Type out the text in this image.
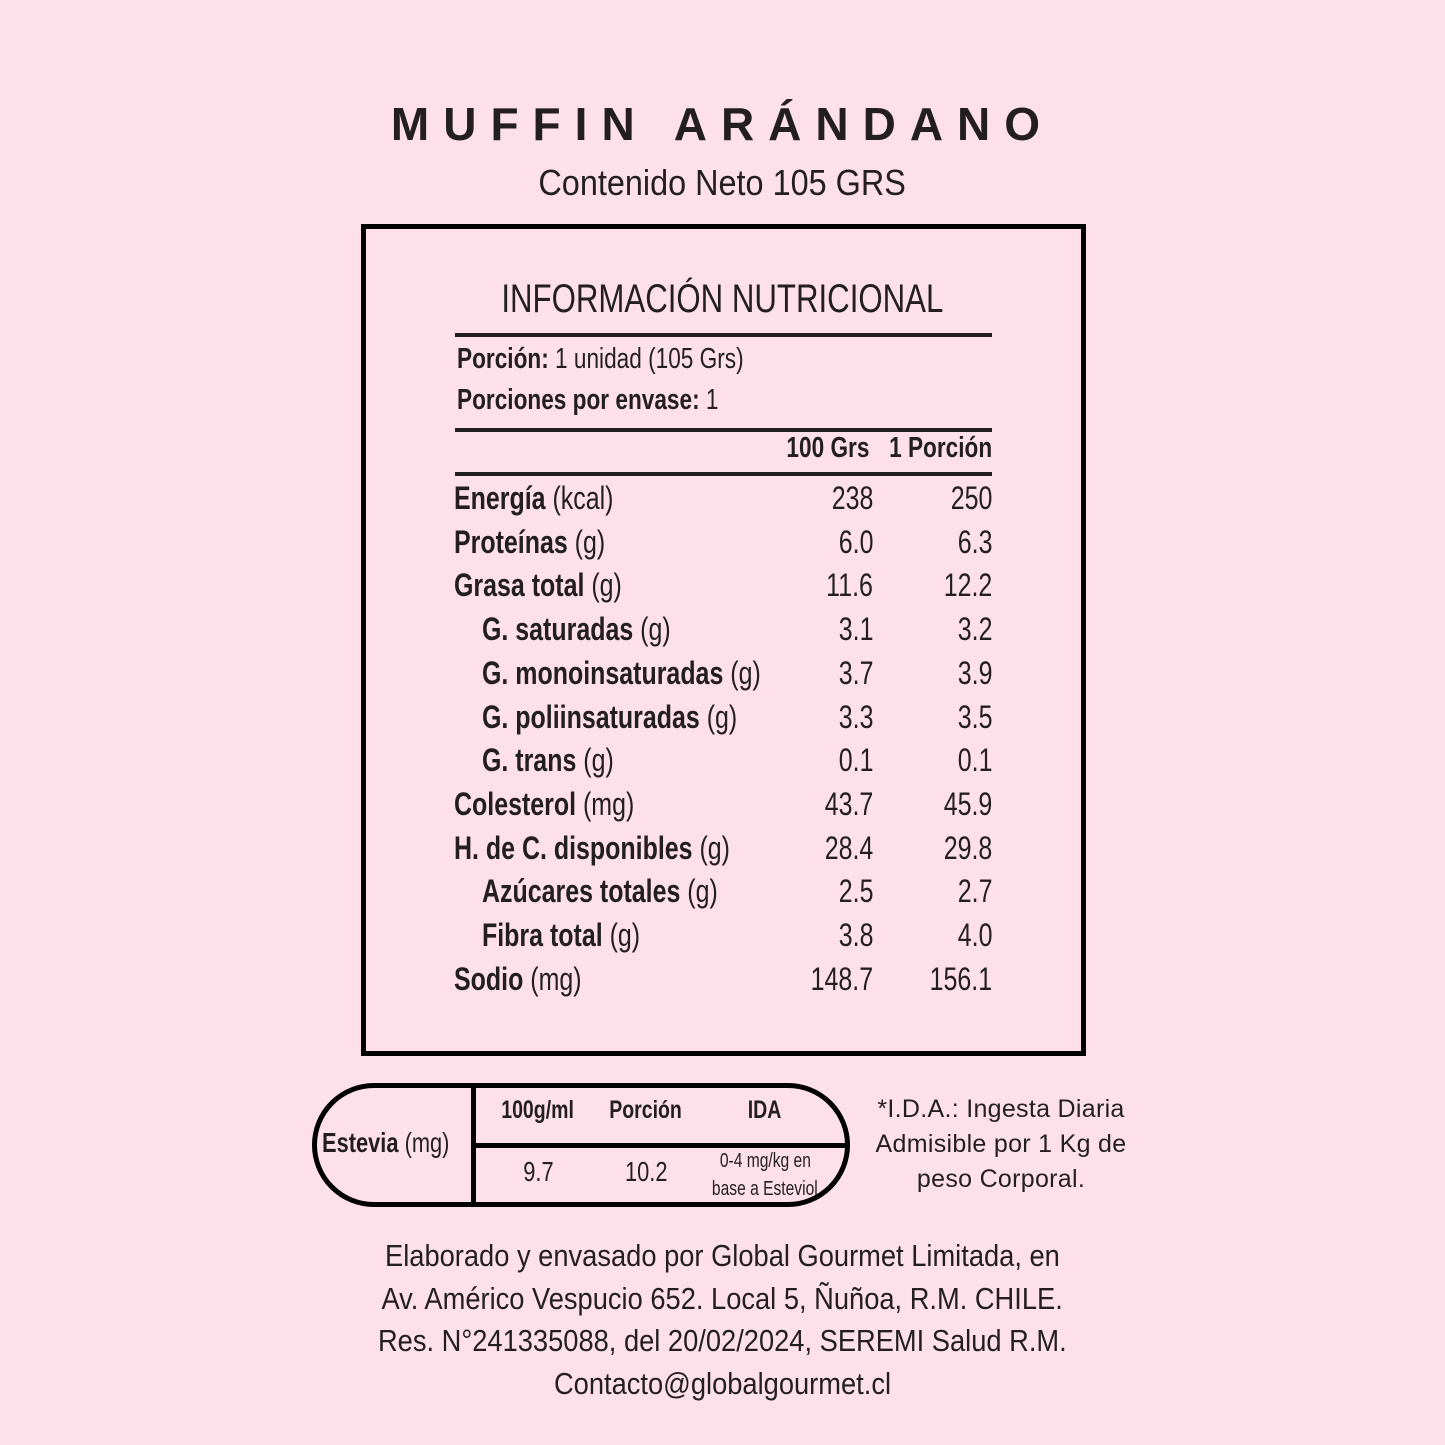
MUFFIN ARÁNDANO
Contenido Neto 105 GRS
INFORMACIÓN NUTRICIONAL
Porción: 1 unidad (105 Grs)
Porciones por envase: 1
100 Grs 1 Porción
Energía (kcal)	238	250
Proteínas (g)	6.0	6.3
Grasa total (g)	11.6	12.2
G. saturadas (g)	3.1	3.2
G. monoinsaturadas (g)	3.7	3.9
G. poliinsaturadas (g)	3.3	3.5
G. trans (g)	0.1	0.1
Colesterol (mg)	43.7	45.9
H. de C. disponibles (g)	28.4	29.8
Azúcares totales (g)	2.5	2.7
Fibra total (g)	3.8	4.0
Sodio (mg)	148.7	156.1
Estevia (mg)
100g/ml	Porción	IDA
9.7	10.2	0-4 mg/kg en
base a Esteviol
*I.D.A.: Ingesta Diaria
Admisible por 1 Kg de
peso Corporal.
Elaborado y envasado por Global Gourmet Limitada, en
Av. Américo Vespucio 652. Local 5, Ñuñoa, R.M. CHILE.
Res. N°241335088, del 20/02/2024, SEREMI Salud R.M.
Contacto@globalgourmet.cl
